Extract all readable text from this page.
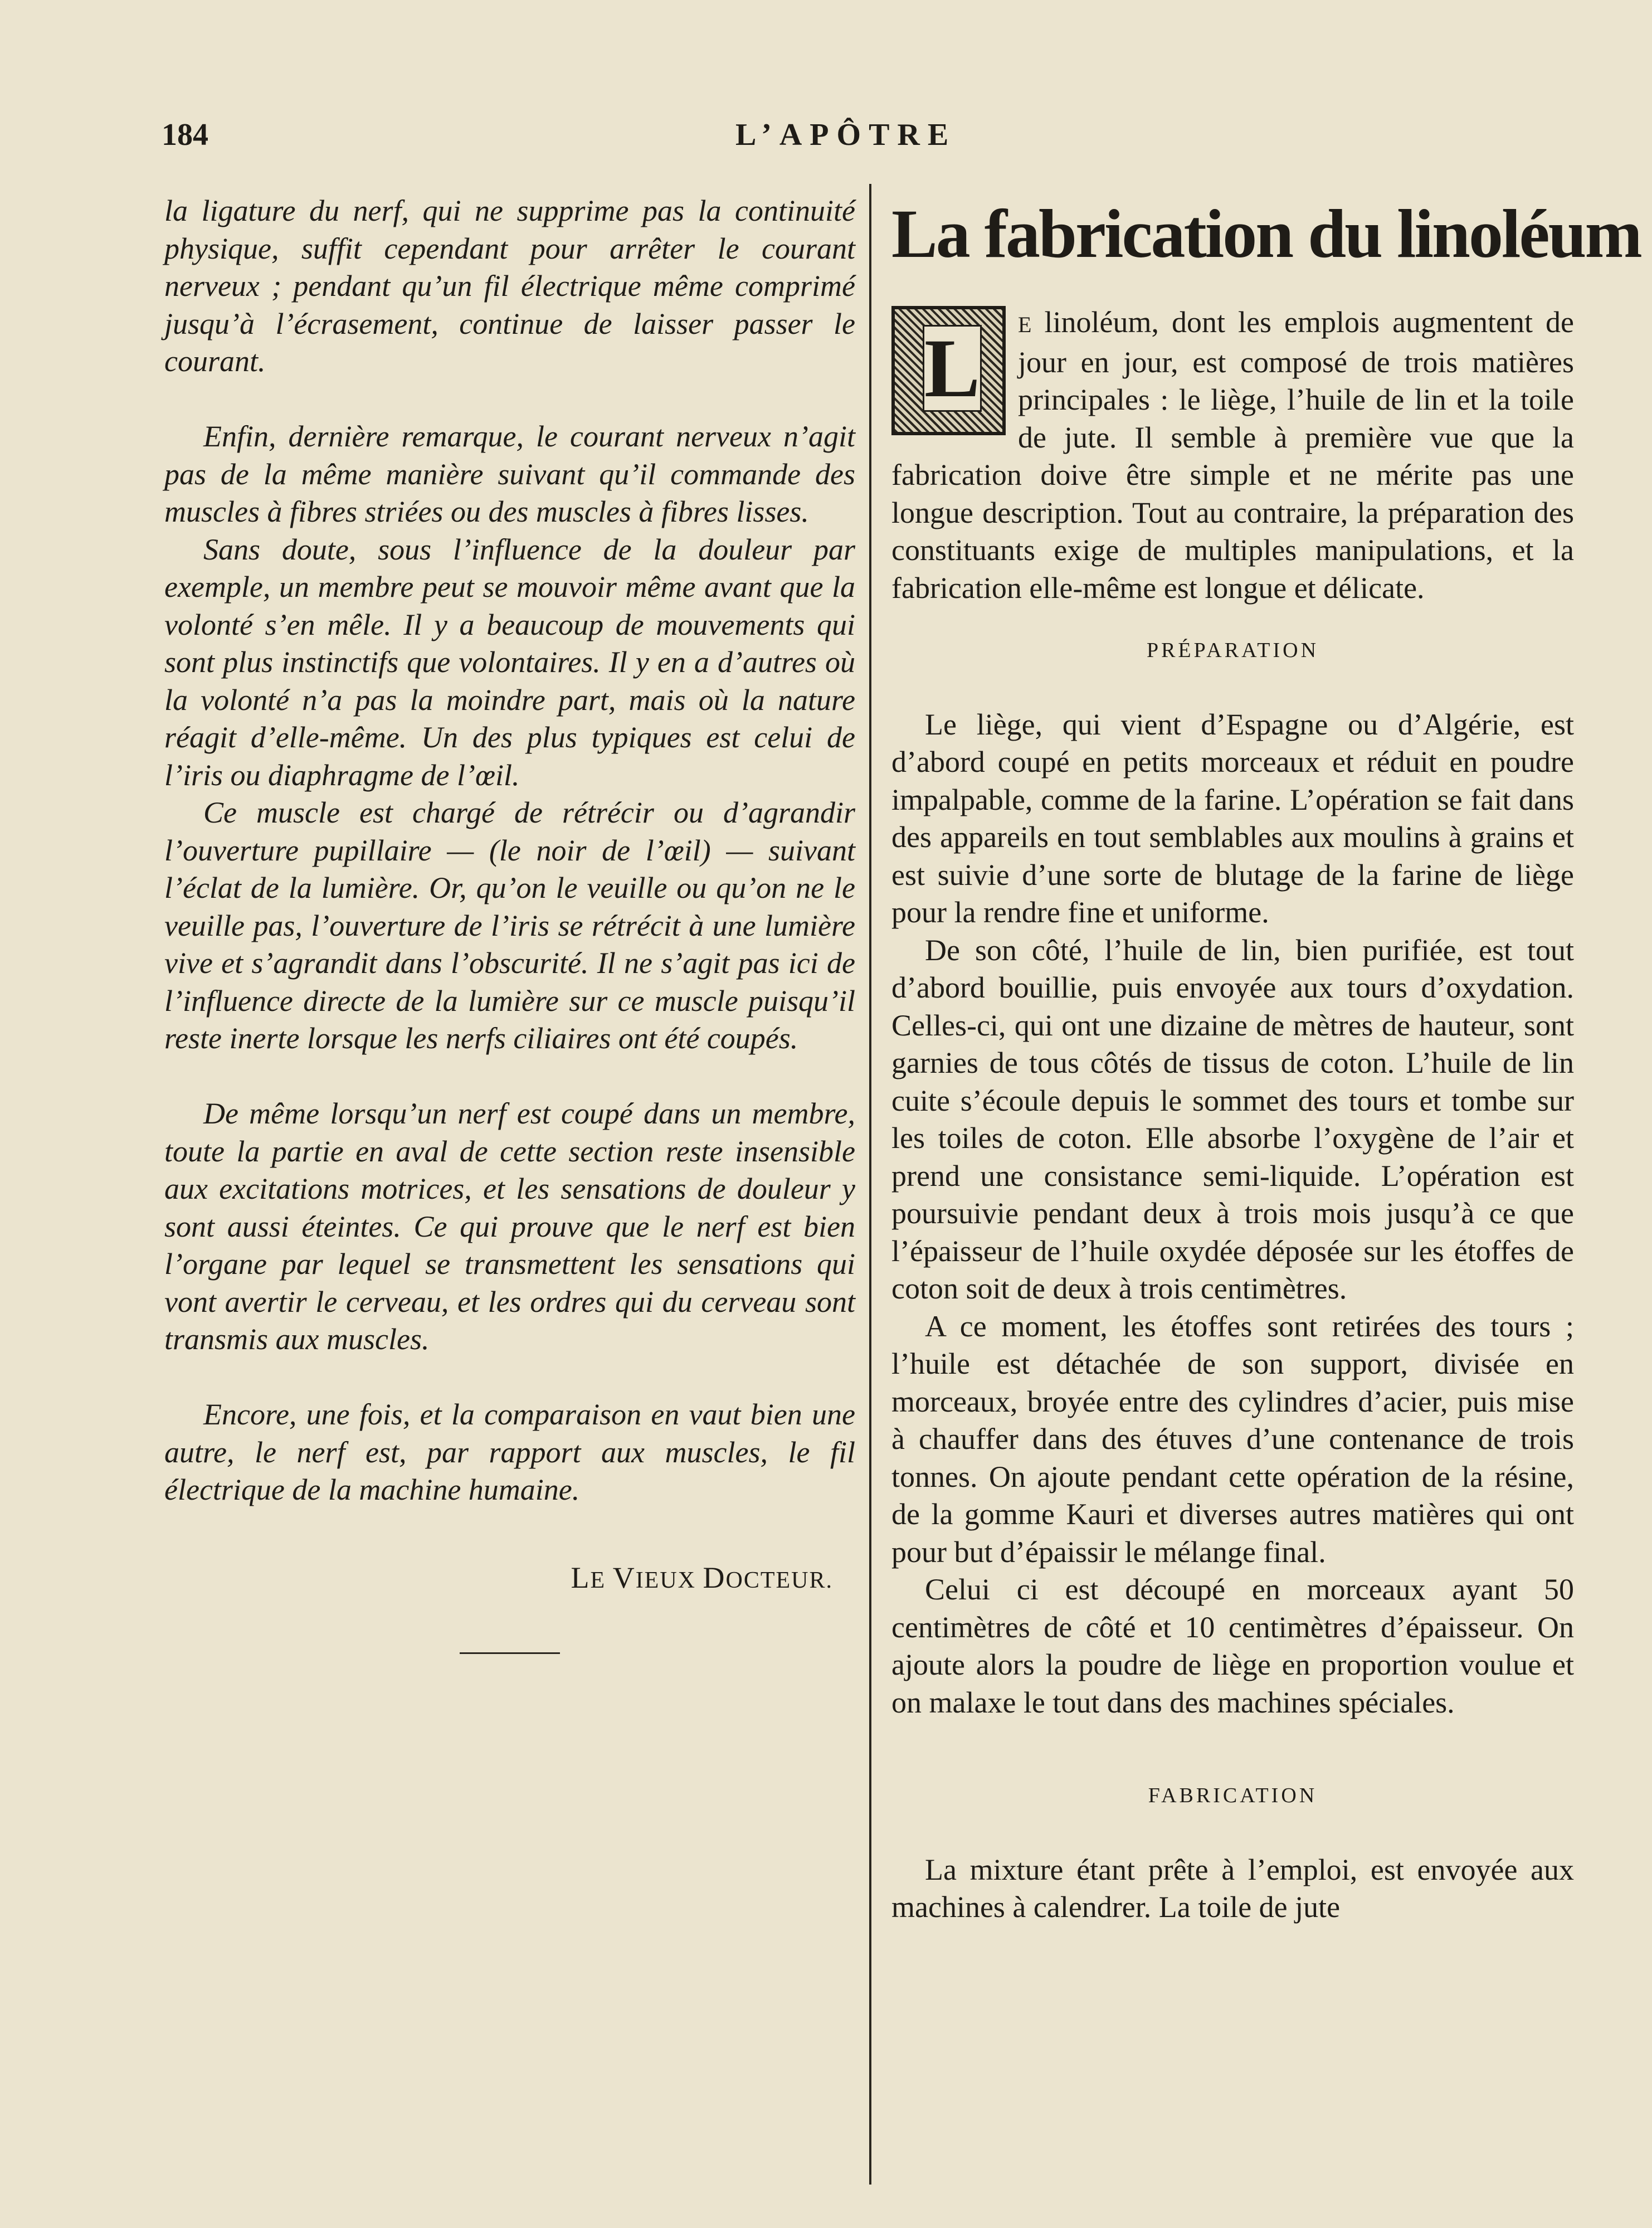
184	L’APÔTRE

la ligature du nerf, qui ne supprime pas la continuité physique, suffit cependant pour arrêter le courant nerveux ; pendant qu’un fil électrique même comprimé jusqu’à l’écrasement, continue de laisser passer le courant.

Enfin, dernière remarque, le courant nerveux n’agit pas de la même manière suivant qu’il commande des muscles à fibres striées ou des muscles à fibres lisses.

Sans doute, sous l’influence de la douleur par exemple, un membre peut se mouvoir même avant que la volonté s’en mêle. Il y a beaucoup de mouvements qui sont plus instinctifs que volontaires. Il y en a d’autres où la volonté n’a pas la moindre part, mais où la nature réagit d’elle-même. Un des plus typiques est celui de l’iris ou diaphragme de l’œil.

Ce muscle est chargé de rétrécir ou d’agrandir l’ouverture pupillaire — (le noir de l’œil) — suivant l’éclat de la lumière. Or, qu’on le veuille ou qu’on ne le veuille pas, l’ouverture de l’iris se rétrécit à une lumière vive et s’agrandit dans l’obscurité. Il ne s’agit pas ici de l’influence directe de la lumière sur ce muscle puisqu’il reste inerte lorsque les nerfs ciliaires ont été coupés.

De même lorsqu’un nerf est coupé dans un membre, toute la partie en aval de cette section reste insensible aux excitations motrices, et les sensations de douleur y sont aussi éteintes. Ce qui prouve que le nerf est bien l’organe par lequel se transmettent les sensations qui vont avertir le cerveau, et les ordres qui du cerveau sont transmis aux muscles.

Encore, une fois, et la comparaison en vaut bien une autre, le nerf est, par rapport aux muscles, le fil électrique de la machine humaine.

LE VIEUX DOCTEUR.
La fabrication du linoléum

L E linoléum, dont les emplois augmentent de jour en jour, est composé de trois matières principales : le liège, l’huile de lin et la toile de jute. Il semble à première vue que la fabrication doive être simple et ne mérite pas une longue description. Tout au contraire, la préparation des constituants exige de multiples manipulations, et la fabrication elle-même est longue et délicate.

PRÉPARATION

Le liège, qui vient d’Espagne ou d’Algérie, est d’abord coupé en petits morceaux et réduit en poudre impalpable, comme de la farine. L’opération se fait dans des appareils en tout semblables aux moulins à grains et est suivie d’une sorte de blutage de la farine de liège pour la rendre fine et uniforme.

De son côté, l’huile de lin, bien purifiée, est tout d’abord bouillie, puis envoyée aux tours d’oxydation. Celles-ci, qui ont une dizaine de mètres de hauteur, sont garnies de tous côtés de tissus de coton. L’huile de lin cuite s’écoule depuis le sommet des tours et tombe sur les toiles de coton. Elle absorbe l’oxygène de l’air et prend une consistance semi-liquide. L’opération est poursuivie pendant deux à trois mois jusqu’à ce que l’épaisseur de l’huile oxydée déposée sur les étoffes de coton soit de deux à trois centimètres.

A ce moment, les étoffes sont retirées des tours ; l’huile est détachée de son support, divisée en morceaux, broyée entre des cylindres d’acier, puis mise à chauffer dans des étuves d’une contenance de trois tonnes. On ajoute pendant cette opération de la résine, de la gomme Kauri et diverses autres matières qui ont pour but d’épaissir le mélange final.

Celui ci est découpé en morceaux ayant 50 centimètres de côté et 10 centimètres d’épaisseur. On ajoute alors la poudre de liège en proportion voulue et on malaxe le tout dans des machines spéciales.

FABRICATION

La mixture étant prête à l’emploi, est envoyée aux machines à calendrer. La toile de jute
